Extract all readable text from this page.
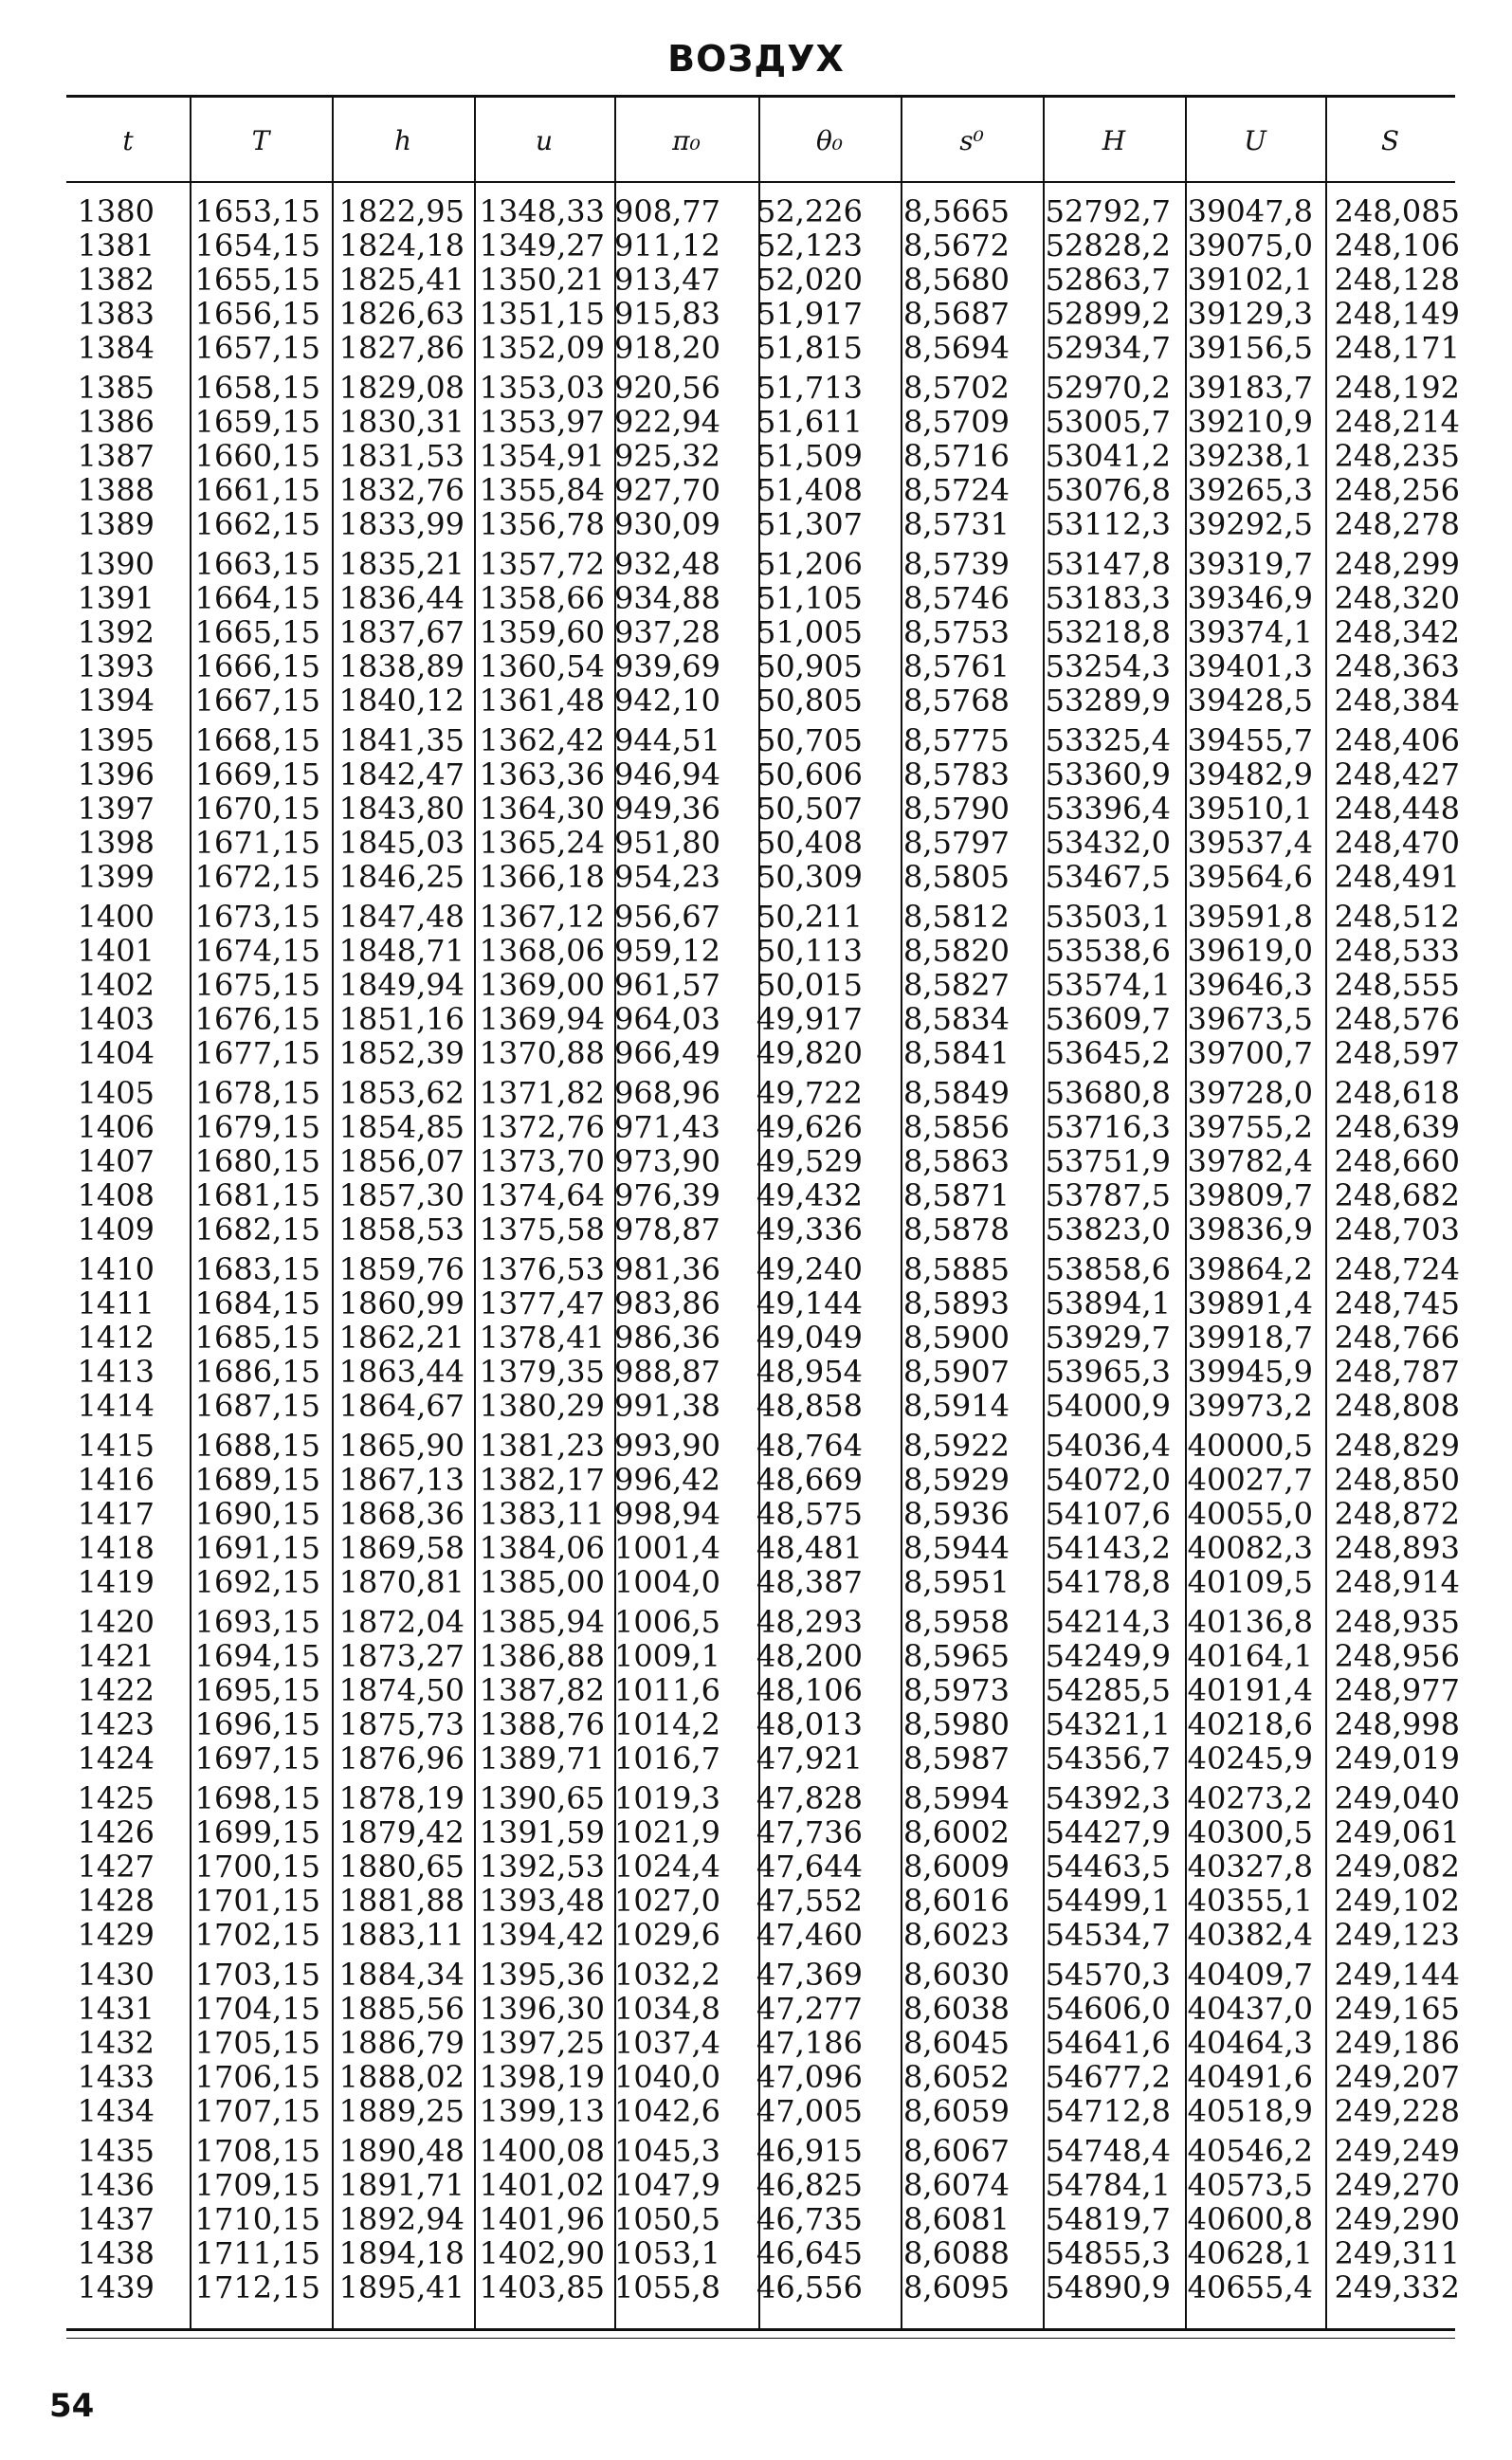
ВОЗДУХ
t	T	h	u	π₀	θ₀	s⁰	H	U	S
1380 1653,15 1822,95 1348,33 908,77 52,226 8,5665 52792,7 39047,8 248,085
1381 1654,15 1824,18 1349,27 911,12 52,123 8,5672 52828,2 39075,0 248,106
1382 1655,15 1825,41 1350,21 913,47 52,020 8,5680 52863,7 39102,1 248,128
1383 1656,15 1826,63 1351,15 915,83 51,917 8,5687 52899,2 39129,3 248,149
1384 1657,15 1827,86 1352,09 918,20 51,815 8,5694 52934,7 39156,5 248,171
1385 1658,15 1829,08 1353,03 920,56 51,713 8,5702 52970,2 39183,7 248,192
1386 1659,15 1830,31 1353,97 922,94 51,611 8,5709 53005,7 39210,9 248,214
1387 1660,15 1831,53 1354,91 925,32 51,509 8,5716 53041,2 39238,1 248,235
1388 1661,15 1832,76 1355,84 927,70 51,408 8,5724 53076,8 39265,3 248,256
1389 1662,15 1833,99 1356,78 930,09 51,307 8,5731 53112,3 39292,5 248,278
1390 1663,15 1835,21 1357,72 932,48 51,206 8,5739 53147,8 39319,7 248,299
1391 1664,15 1836,44 1358,66 934,88 51,105 8,5746 53183,3 39346,9 248,320
1392 1665,15 1837,67 1359,60 937,28 51,005 8,5753 53218,8 39374,1 248,342
1393 1666,15 1838,89 1360,54 939,69 50,905 8,5761 53254,3 39401,3 248,363
1394 1667,15 1840,12 1361,48 942,10 50,805 8,5768 53289,9 39428,5 248,384
1395 1668,15 1841,35 1362,42 944,51 50,705 8,5775 53325,4 39455,7 248,406
1396 1669,15 1842,47 1363,36 946,94 50,606 8,5783 53360,9 39482,9 248,427
1397 1670,15 1843,80 1364,30 949,36 50,507 8,5790 53396,4 39510,1 248,448
1398 1671,15 1845,03 1365,24 951,80 50,408 8,5797 53432,0 39537,4 248,470
1399 1672,15 1846,25 1366,18 954,23 50,309 8,5805 53467,5 39564,6 248,491
1400 1673,15 1847,48 1367,12 956,67 50,211 8,5812 53503,1 39591,8 248,512
1401 1674,15 1848,71 1368,06 959,12 50,113 8,5820 53538,6 39619,0 248,533
1402 1675,15 1849,94 1369,00 961,57 50,015 8,5827 53574,1 39646,3 248,555
1403 1676,15 1851,16 1369,94 964,03 49,917 8,5834 53609,7 39673,5 248,576
1404 1677,15 1852,39 1370,88 966,49 49,820 8,5841 53645,2 39700,7 248,597
1405 1678,15 1853,62 1371,82 968,96 49,722 8,5849 53680,8 39728,0 248,618
1406 1679,15 1854,85 1372,76 971,43 49,626 8,5856 53716,3 39755,2 248,639
1407 1680,15 1856,07 1373,70 973,90 49,529 8,5863 53751,9 39782,4 248,660
1408 1681,15 1857,30 1374,64 976,39 49,432 8,5871 53787,5 39809,7 248,682
1409 1682,15 1858,53 1375,58 978,87 49,336 8,5878 53823,0 39836,9 248,703
1410 1683,15 1859,76 1376,53 981,36 49,240 8,5885 53858,6 39864,2 248,724
1411 1684,15 1860,99 1377,47 983,86 49,144 8,5893 53894,1 39891,4 248,745
1412 1685,15 1862,21 1378,41 986,36 49,049 8,5900 53929,7 39918,7 248,766
1413 1686,15 1863,44 1379,35 988,87 48,954 8,5907 53965,3 39945,9 248,787
1414 1687,15 1864,67 1380,29 991,38 48,858 8,5914 54000,9 39973,2 248,808
1415 1688,15 1865,90 1381,23 993,90 48,764 8,5922 54036,4 40000,5 248,829
1416 1689,15 1867,13 1382,17 996,42 48,669 8,5929 54072,0 40027,7 248,850
1417 1690,15 1868,36 1383,11 998,94 48,575 8,5936 54107,6 40055,0 248,872
1418 1691,15 1869,58 1384,06 1001,4 48,481 8,5944 54143,2 40082,3 248,893
1419 1692,15 1870,81 1385,00 1004,0 48,387 8,5951 54178,8 40109,5 248,914
1420 1693,15 1872,04 1385,94 1006,5 48,293 8,5958 54214,3 40136,8 248,935
1421 1694,15 1873,27 1386,88 1009,1 48,200 8,5965 54249,9 40164,1 248,956
1422 1695,15 1874,50 1387,82 1011,6 48,106 8,5973 54285,5 40191,4 248,977
1423 1696,15 1875,73 1388,76 1014,2 48,013 8,5980 54321,1 40218,6 248,998
1424 1697,15 1876,96 1389,71 1016,7 47,921 8,5987 54356,7 40245,9 249,019
1425 1698,15 1878,19 1390,65 1019,3 47,828 8,5994 54392,3 40273,2 249,040
1426 1699,15 1879,42 1391,59 1021,9 47,736 8,6002 54427,9 40300,5 249,061
1427 1700,15 1880,65 1392,53 1024,4 47,644 8,6009 54463,5 40327,8 249,082
1428 1701,15 1881,88 1393,48 1027,0 47,552 8,6016 54499,1 40355,1 249,102
1429 1702,15 1883,11 1394,42 1029,6 47,460 8,6023 54534,7 40382,4 249,123
1430 1703,15 1884,34 1395,36 1032,2 47,369 8,6030 54570,3 40409,7 249,144
1431 1704,15 1885,56 1396,30 1034,8 47,277 8,6038 54606,0 40437,0 249,165
1432 1705,15 1886,79 1397,25 1037,4 47,186 8,6045 54641,6 40464,3 249,186
1433 1706,15 1888,02 1398,19 1040,0 47,096 8,6052 54677,2 40491,6 249,207
1434 1707,15 1889,25 1399,13 1042,6 47,005 8,6059 54712,8 40518,9 249,228
1435 1708,15 1890,48 1400,08 1045,3 46,915 8,6067 54748,4 40546,2 249,249
1436 1709,15 1891,71 1401,02 1047,9 46,825 8,6074 54784,1 40573,5 249,270
1437 1710,15 1892,94 1401,96 1050,5 46,735 8,6081 54819,7 40600,8 249,290
1438 1711,15 1894,18 1402,90 1053,1 46,645 8,6088 54855,3 40628,1 249,311
1439 1712,15 1895,41 1403,85 1055,8 46,556 8,6095 54890,9 40655,4 249,332
54
